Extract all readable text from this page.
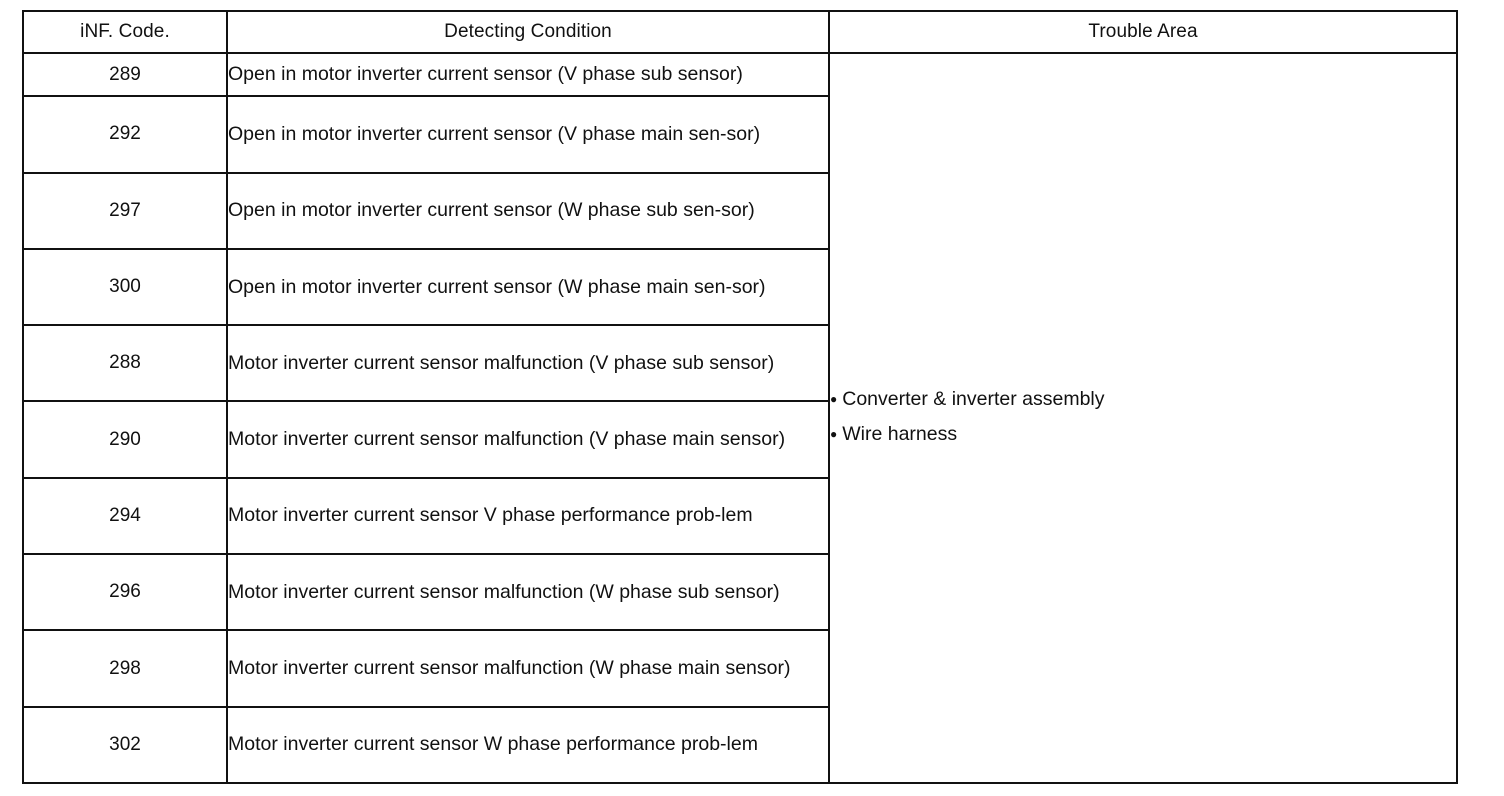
iNF. Code.	Detecting Condition	Trouble Area
289	Open in motor inverter current sensor (V phase sub sensor)	● Converter & inverter assembly
● Wire harness

292	Open in motor inverter current sensor (V phase main sen-sor)	
297	Open in motor inverter current sensor (W phase sub sen-sor)	
300	Open in motor inverter current sensor (W phase main sen-sor)	
288	Motor inverter current sensor malfunction (V phase sub sensor)	
290	Motor inverter current sensor malfunction (V phase main sensor)	
294	Motor inverter current sensor V phase performance prob-lem	
296	Motor inverter current sensor malfunction (W phase sub sensor)	
298	Motor inverter current sensor malfunction (W phase main sensor)	
302	Motor inverter current sensor W phase performance prob-lem	
